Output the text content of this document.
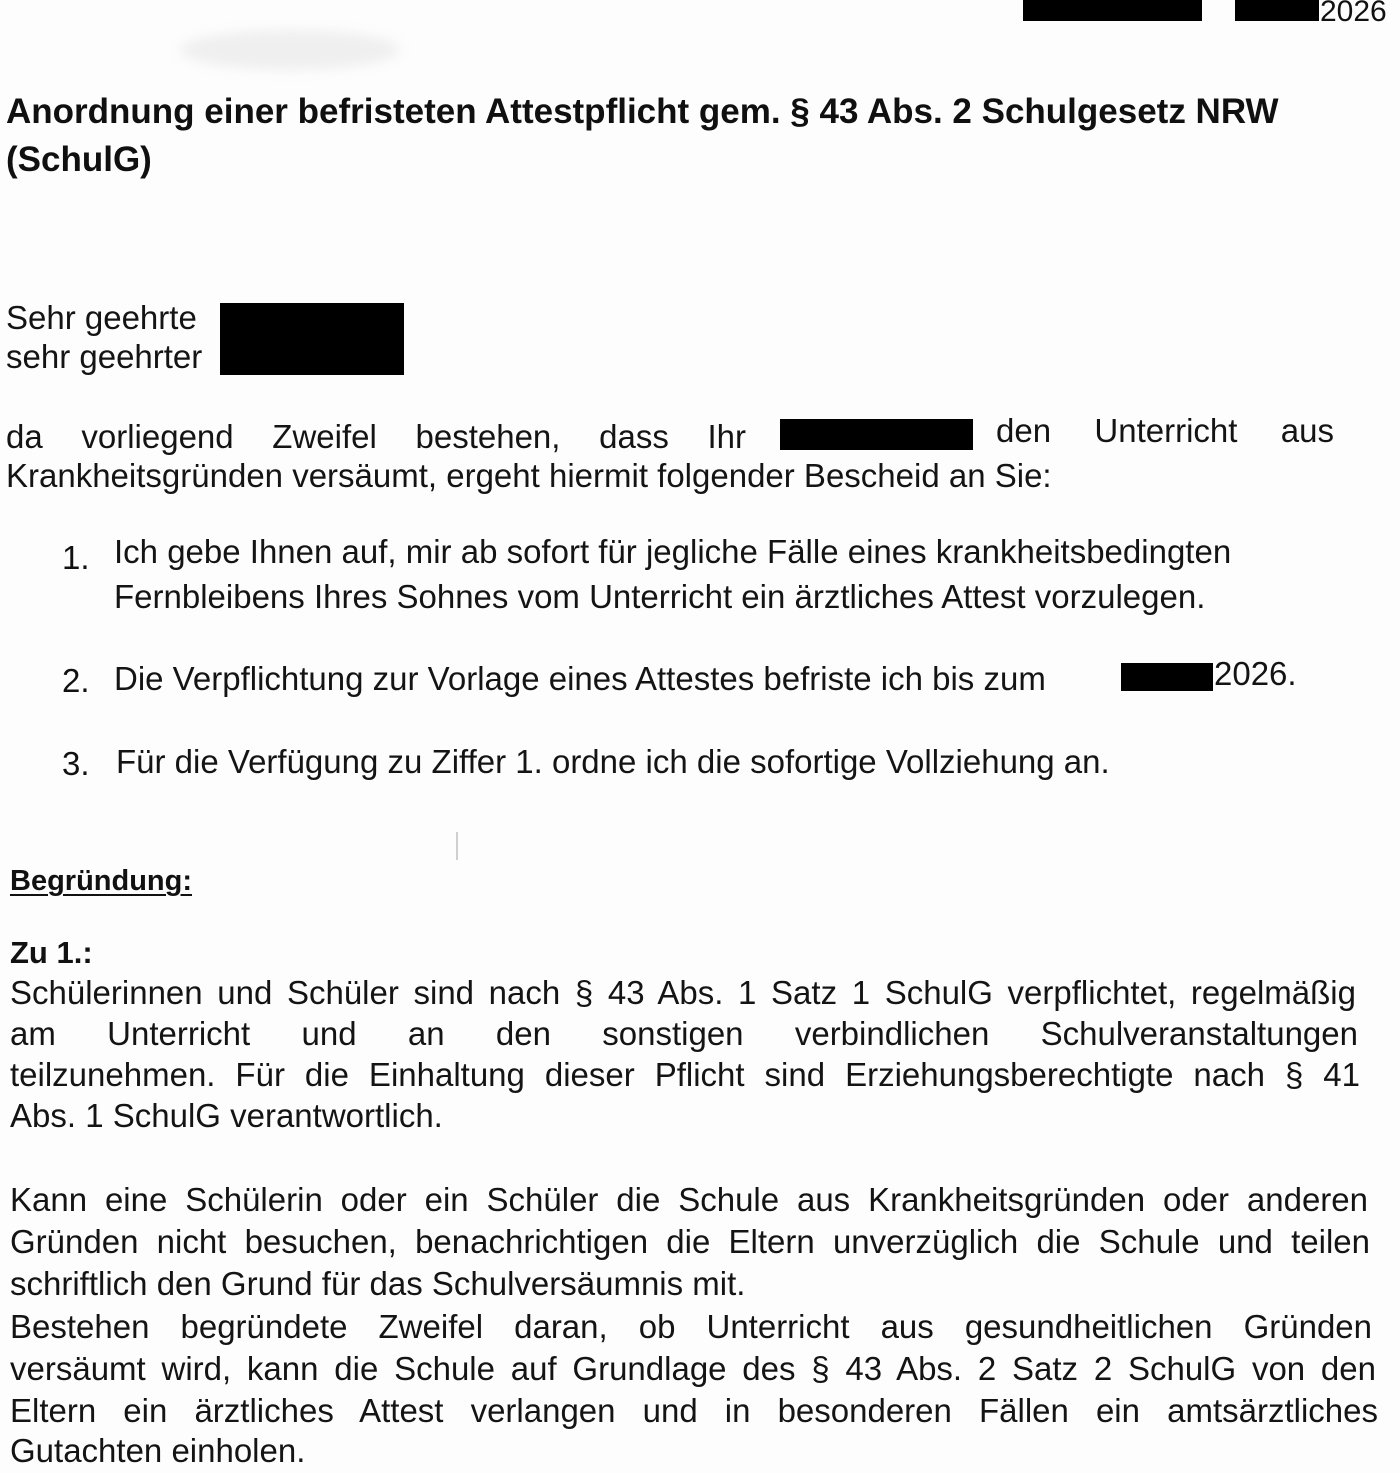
2026
Anordnung einer befristeten Attestpflicht gem. § 43 Abs. 2 Schulgesetz NRW (SchulG)
Sehr geehrte
sehr geehrter
da vorliegend Zweifel bestehen, dass Ihr	den Unterricht aus
Krankheitsgründen versäumt, ergeht hiermit folgender Bescheid an Sie:
1. Ich gebe Ihnen auf, mir ab sofort für jegliche Fälle eines krankheitsbedingten
Fernbleibens Ihres Sohnes vom Unterricht ein ärztliches Attest vorzulegen.
2. Die Verpflichtung zur Vorlage eines Attestes befriste ich bis zum	2026.
3. Für die Verfügung zu Ziffer 1. ordne ich die sofortige Vollziehung an.
Begründung:
Zu 1.:
Schülerinnen und Schüler sind nach § 43 Abs. 1 Satz 1 SchulG verpflichtet, regelmäßig
am Unterricht und an den sonstigen verbindlichen Schulveranstaltungen
teilzunehmen. Für die Einhaltung dieser Pflicht sind Erziehungsberechtigte nach § 41
Abs. 1 SchulG verantwortlich.
Kann eine Schülerin oder ein Schüler die Schule aus Krankheitsgründen oder anderen
Gründen nicht besuchen, benachrichtigen die Eltern unverzüglich die Schule und teilen
schriftlich den Grund für das Schulversäumnis mit.
Bestehen begründete Zweifel daran, ob Unterricht aus gesundheitlichen Gründen
versäumt wird, kann die Schule auf Grundlage des § 43 Abs. 2 Satz 2 SchulG von den
Eltern ein ärztliches Attest verlangen und in besonderen Fällen ein amtsärztliches
Gutachten einholen.
